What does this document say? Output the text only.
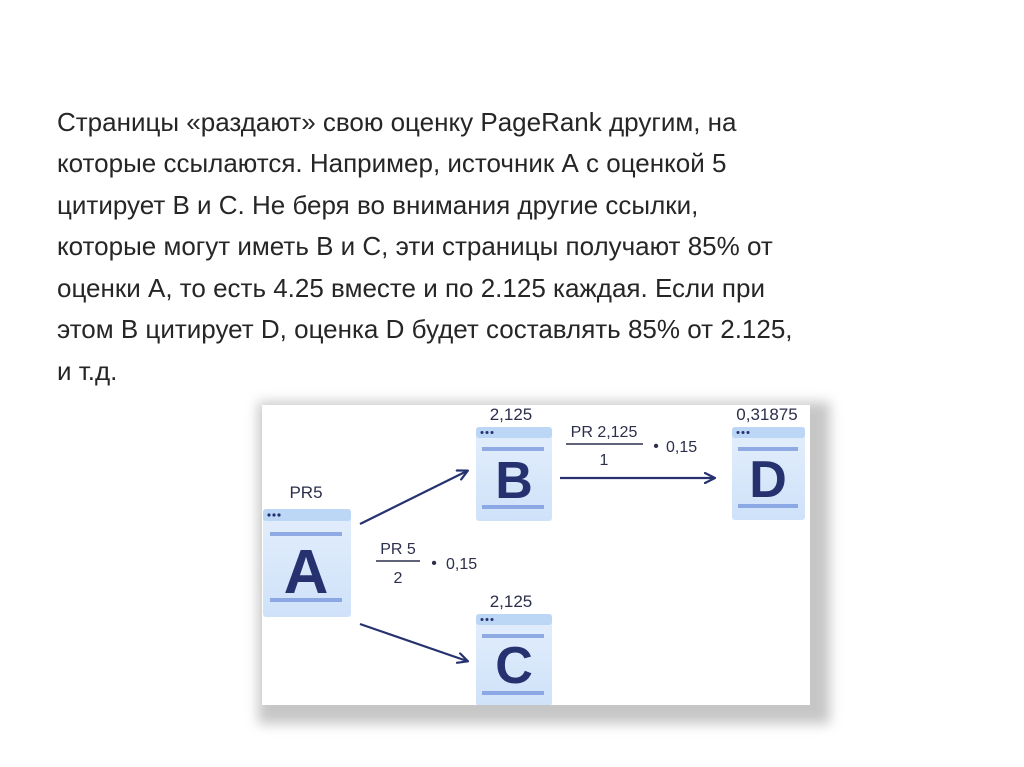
Страницы «раздают» свою оценку PageRank другим, на
которые ссылаются. Например, источник А с оценкой 5
цитирует В и С. Не беря во внимания другие ссылки,
которые могут иметь В и С, эти страницы получают 85% от
оценки А, то есть 4.25 вместе и по 2.125 каждая. Если при
этом В цитирует D, оценка D будет составлять 85% от 2.125,
и т.д.

PR5
A
2,125
B
2,125
C
0,31875
D
PR 5
2
• 0,15
PR 2,125
1
• 0,15
